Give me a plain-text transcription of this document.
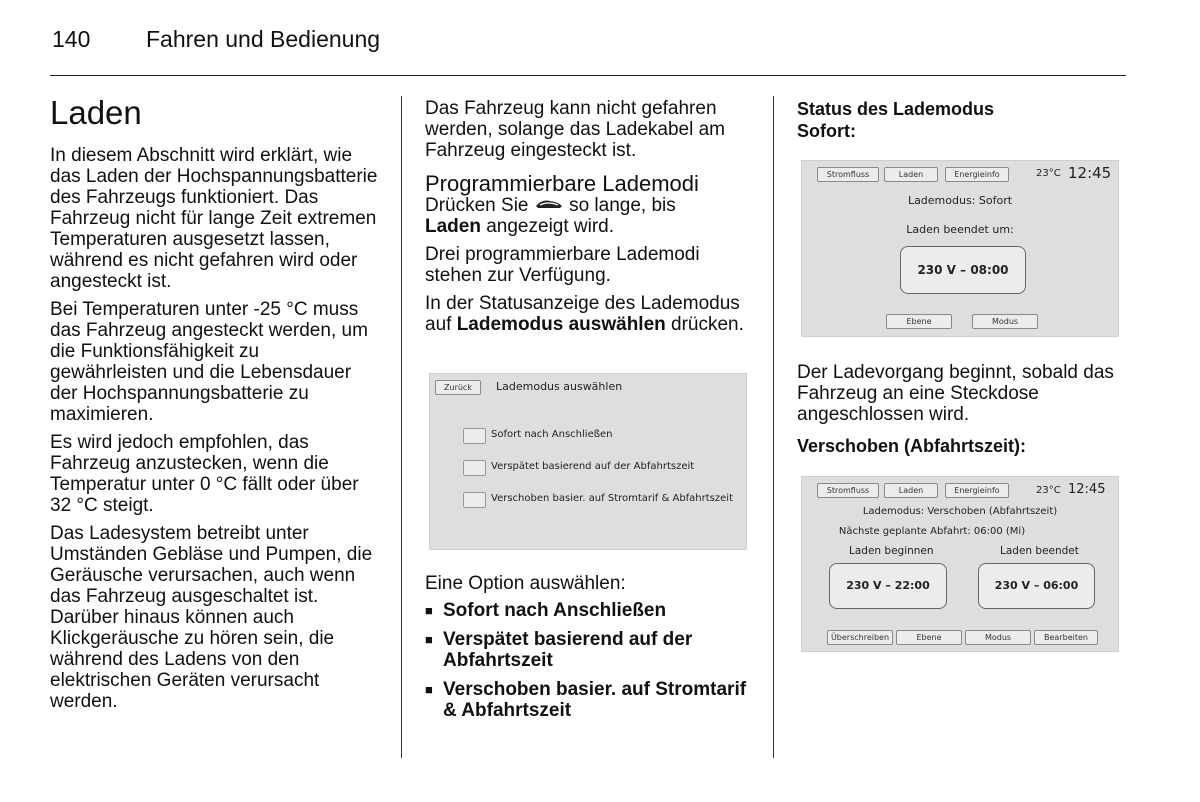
140 Fahren und Bedienung
Laden

In diesem Abschnitt wird erklärt, wie das Laden der Hochspannungsbatterie des Fahrzeugs funktioniert. Das Fahrzeug nicht für lange Zeit extremen Temperaturen ausgesetzt lassen, während es nicht gefahren wird oder angesteckt ist.

Bei Temperaturen unter -25 °C muss das Fahrzeug angesteckt werden, um die Funktionsfähigkeit zu gewährleisten und die Lebensdauer der Hochspannungsbatterie zu maximieren.

Es wird jedoch empfohlen, das Fahrzeug anzustecken, wenn die Temperatur unter 0 °C fällt oder über 32 °C steigt.

Das Ladesystem betreibt unter Umständen Gebläse und Pumpen, die Geräusche verursachen, auch wenn das Fahrzeug ausgeschaltet ist. Darüber hinaus können auch Klickgeräusche zu hören sein, die während des Ladens von den elektrischen Geräten verursacht werden.

Das Fahrzeug kann nicht gefahren werden, solange das Ladekabel am Fahrzeug eingesteckt ist.

Programmierbare Lademodi

Drücken Sie so lange, bis
Laden angezeigt wird.

Drei programmierbare Lademodi stehen zur Verfügung.

In der Statusanzeige des Lademodus auf Lademodus auswählen drücken.

Zurück	Lademodus auswählen
Sofort nach Anschließen
Verspätet basierend auf der Abfahrtszeit
Verschoben basier. auf Stromtarif & Abfahrtszeit

Eine Option auswählen:

■ Sofort nach Anschließen
■ Verspätet basierend auf der Abfahrtszeit
■ Verschoben basier. auf Stromtarif & Abfahrtszeit
Status des Lademodus
Sofort:
Stromfluss	Laden	Energieinfo	23°C 12:45
Lademodus: Sofort
Laden beendet um:
230 V – 08:00
Ebene	Modus

Der Ladevorgang beginnt, sobald das Fahrzeug an eine Steckdose angeschlossen wird.

Verschoben (Abfahrtszeit):
Stromfluss	Laden	Energieinfo	23°C 12:45
Lademodus: Verschoben (Abfahrtszeit)
Nächste geplante Abfahrt: 06:00 (Mi)
Laden beginnen	Laden beendet
230 V – 22:00	230 V – 06:00
Überschreiben	Ebene	Modus	Bearbeiten
